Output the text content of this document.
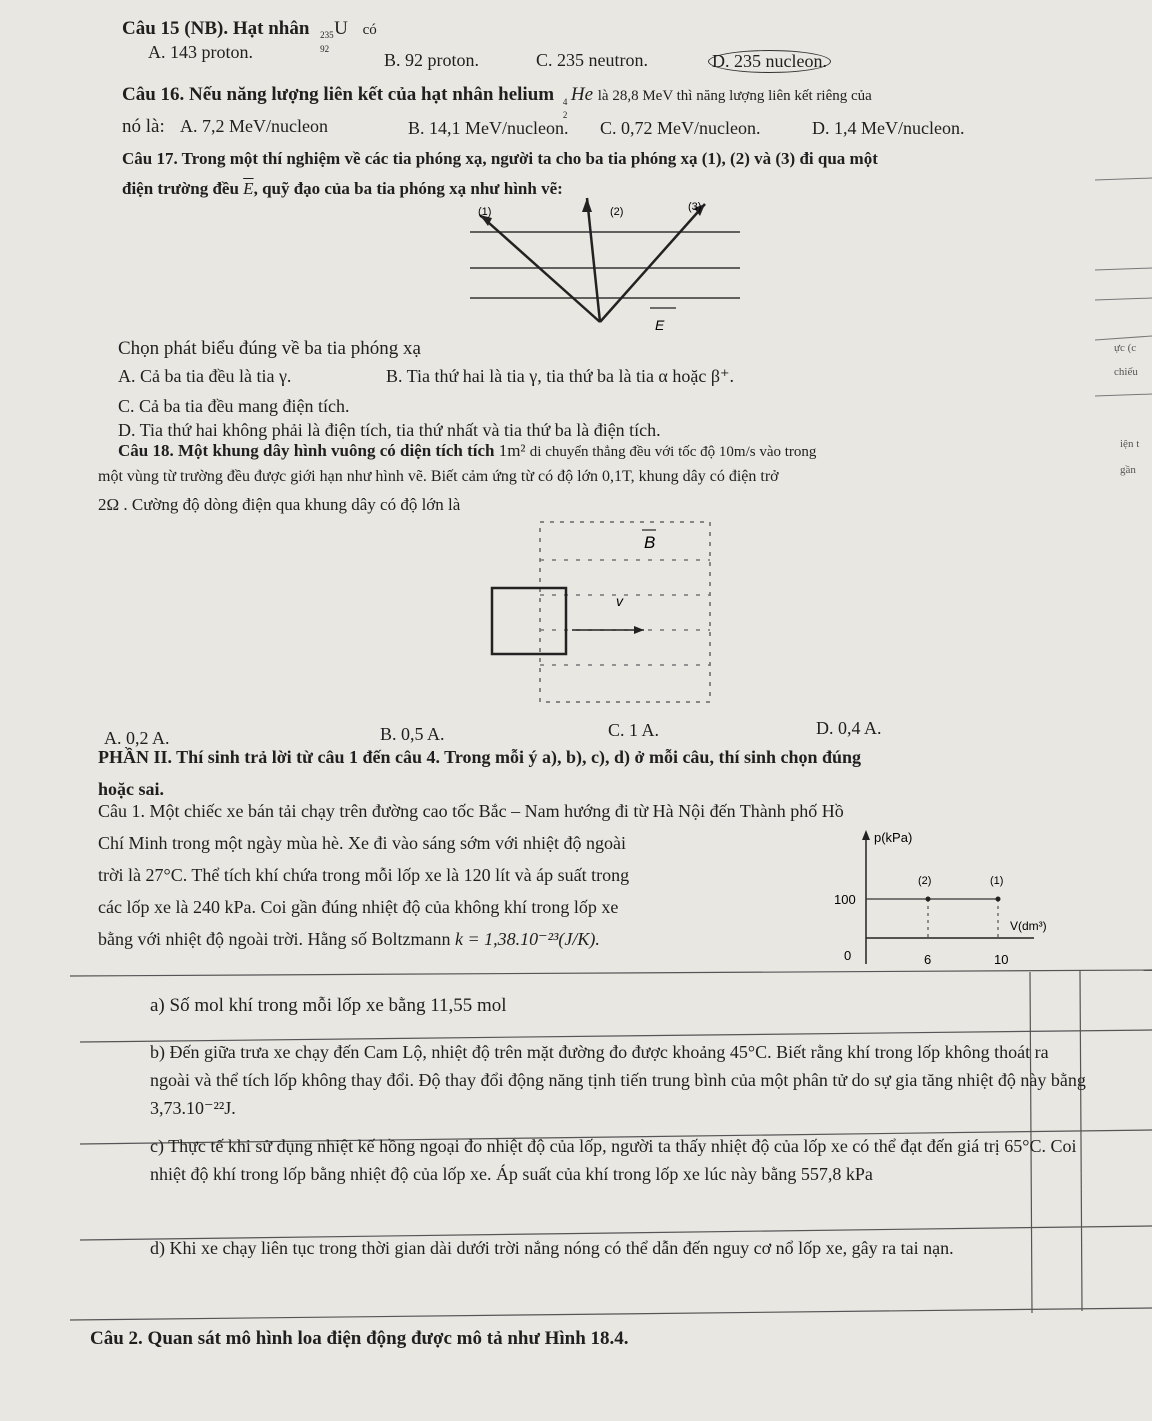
Câu 15 (NB). Hạt nhân 235
92
U có
A. 143 proton.	B. 92 proton.	C. 235 neutron.	D. 235 nucleon.
Câu 16. Nếu năng lượng liên kết của hạt nhân helium 4
2
He là 28,8 MeV thì năng lượng liên kết riêng của
nó là: A. 7,2 MeV/nucleon	B. 14,1 MeV/nucleon. C. 0,72 MeV/nucleon.	D. 1,4 MeV/nucleon.
Câu 17. Trong một thí nghiệm về các tia phóng xạ, người ta cho ba tia phóng xạ (1), (2) và (3) đi qua một
điện trường đều $\overline{E}$, quỹ đạo của ba tia phóng xạ như hình vẽ:
(1)	(2)	(3)
E
Chọn phát biểu đúng về ba tia phóng xạ
A. Cả ba tia đều là tia γ.	B. Tia thứ hai là tia γ, tia thứ ba là tia α hoặc β⁺.
C. Cả ba tia đều mang điện tích.
D. Tia thứ hai không phải là điện tích, tia thứ nhất và tia thứ ba là điện tích.
Câu 18. Một khung dây hình vuông có diện tích tích 1m² di chuyển thẳng đều với tốc độ 10m/s vào trong
một vùng từ trường đều được giới hạn như hình vẽ. Biết cảm ứng từ có độ lớn 0,1T, khung dây có điện trở
2Ω . Cường độ dòng điện qua khung dây có độ lớn là
B
v
A. 0,2 A.	B. 0,5 A.	C. 1 A.	D. 0,4 A.
PHẦN II. Thí sinh trả lời từ câu 1 đến câu 4. Trong mỗi ý a), b), c), d) ở mỗi câu, thí sinh chọn đúng
hoặc sai.
Câu 1. Một chiếc xe bán tải chạy trên đường cao tốc Bắc – Nam hướng đi từ Hà Nội đến Thành phố Hồ
Chí Minh trong một ngày mùa hè. Xe đi vào sáng sớm với nhiệt độ ngoài
trời là 27°C. Thể tích khí chứa trong mỗi lốp xe là 120 lít và áp suất trong
các lốp xe là 240 kPa. Coi gần đúng nhiệt độ của không khí trong lốp xe
bằng với nhiệt độ ngoài trời. Hằng số Boltzmann k = 1,38.10⁻²³(J/K).
p(kPa)
V(dm³)
100
0	6	10
(2)	(1)
a) Số mol khí trong mỗi lốp xe bằng 11,55 mol
b) Đến giữa trưa xe chạy đến Cam Lộ, nhiệt độ trên mặt đường đo được khoảng 45°C. Biết rằng khí trong lốp không thoát ra ngoài và thể tích lốp không thay đổi. Độ thay đổi động năng tịnh tiến trung bình của một phân tử do sự gia tăng nhiệt độ này bằng 3,73.10⁻²²J.
c) Thực tế khi sử dụng nhiệt kế hồng ngoại đo nhiệt độ của lốp, người ta thấy nhiệt độ của lốp xe có thể đạt đến giá trị 65°C. Coi nhiệt độ khí trong lốp bằng nhiệt độ của lốp xe. Áp suất của khí trong lốp xe lúc này bằng 557,8 kPa
d) Khi xe chạy liên tục trong thời gian dài dưới trời nắng nóng có thể dẫn đến nguy cơ nổ lốp xe, gây ra tai nạn.
Câu 2. Quan sát mô hình loa điện động được mô tả như Hình 18.4.
ực (c
chiếu
iện t
gần
